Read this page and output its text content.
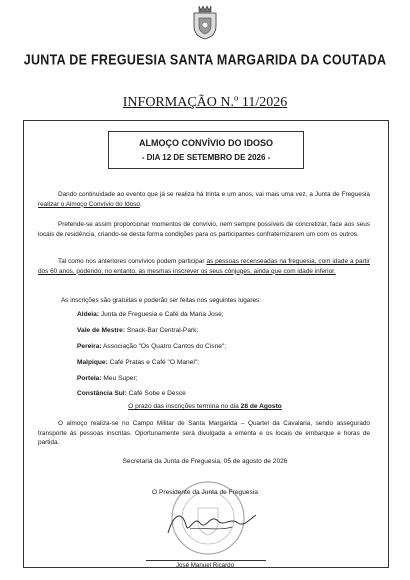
JUNTA DE FREGUESIA SANTA MARGARIDA DA COUTADA
INFORMAÇÃO N.º 11/2026
ALMOÇO CONVÍVIO DO IDOSO
- DIA 12 DE SETEMBRO DE 2026 -
Dando continuidade ao evento que já se realiza há trinta e um anos, vai mais uma vez, a Junta de Freguesia realizar o Almoço Convívio do Idoso.
Pretende-se assim proporcionar momentos de convívio, nem sempre possíveis de concretizar, face aos seus locais de residência, criando-se desta forma condições para os participantes confraternizarem um com os outros.
Tal como nos anteriores convívios podem participar as pessoas recenseadas na freguesia, com idade a partir dos 60 anos, podendo, no entanto, as mesmas inscrever os seus cônjuges, ainda que com idade inferior.
As inscrições são gratuitas e poderão ser feitas nos seguintes lugares:
Aldeia: Junta de Freguesia e Café da Maria José;
Vale de Mestre: Snack-Bar Central-Park;
Pereira: Associação "Os Quatro Cantos do Cisne";
Malpique: Café Pratas e Café "O Manel";
Portela: Meu Super;
Constância Sul: Café Sobe e Desce
O prazo das inscrições termina no dia 28 de Agosto
O almoço realiza-se no Campo Militar de Santa Margarida – Quartel da Cavalaria, sendo assegurado transporte às pessoas inscritas. Oportunamente será divulgada a ementa e os locais de embarque e horas de partida.
Secretaria da Junta de Freguesia, 05 de agosto de 2026
O Presidente da Junta de Freguesia
José Manuel Ricardo
